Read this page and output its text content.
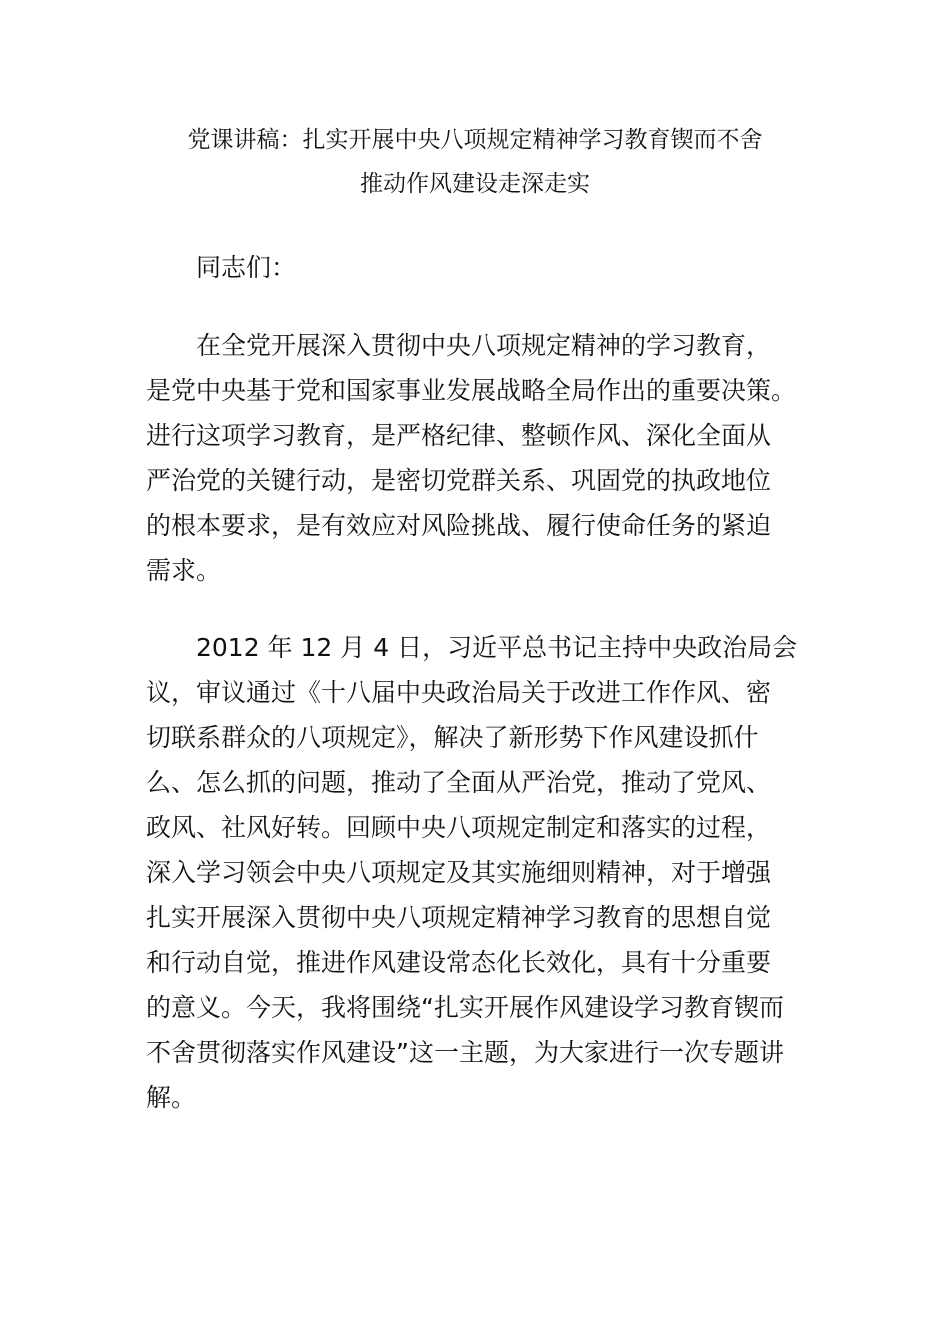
党课讲稿：扎实开展中央八项规定精神学习教育锲而不舍
推动作风建设走深走实
同志们：
在全党开展深入贯彻中央八项规定精神的学习教育，
是党中央基于党和国家事业发展战略全局作出的重要决策。
进行这项学习教育，是严格纪律、整顿作风、深化全面从
严治党的关键行动，是密切党群关系、巩固党的执政地位
的根本要求，是有效应对风险挑战、履行使命任务的紧迫
需求。
2012 年 12 月 4 日，习近平总书记主持中央政治局会
议，审议通过《十八届中央政治局关于改进工作作风、密
切联系群众的八项规定》，解决了新形势下作风建设抓什
么、怎么抓的问题，推动了全面从严治党，推动了党风、
政风、社风好转。回顾中央八项规定制定和落实的过程，
深入学习领会中央八项规定及其实施细则精神，对于增强
扎实开展深入贯彻中央八项规定精神学习教育的思想自觉
和行动自觉，推进作风建设常态化长效化，具有十分重要
的意义。今天，我将围绕“扎实开展作风建设学习教育锲而
不舍贯彻落实作风建设”这一主题，为大家进行一次专题讲
解。
